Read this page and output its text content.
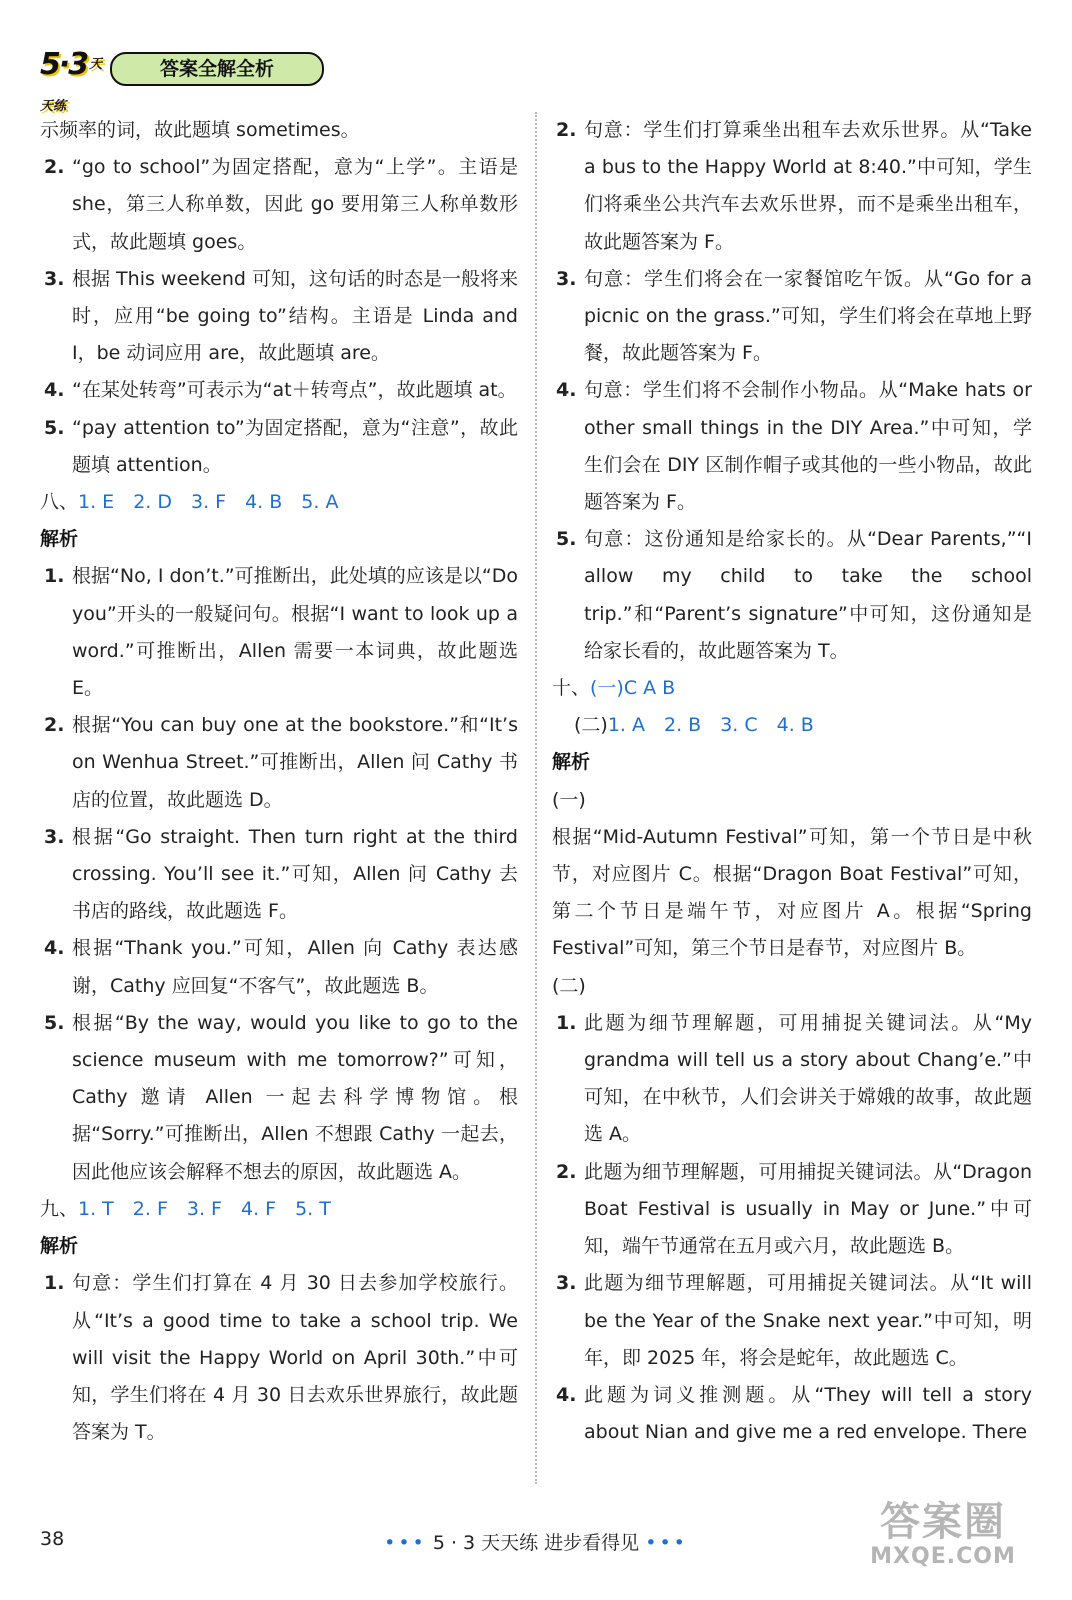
5·3 天天练
答案全解全析

示频率的词，故此题填 sometimes。

2. “go to school”为固定搭配，意为“上学”。主语是 she，第三人称单数，因此 go 要用第三人称单数形式，故此题填 goes。
3. 根据 This weekend 可知，这句话的时态是一般将来时，应用“be going to”结构。主语是 Linda and I，be 动词应用 are，故此题填 are。
4. “在某处转弯”可表示为“at＋转弯点”，故此题填 at。
5. “pay attention to”为固定搭配，意为“注意”，故此题填 attention。

八、1. E　2. D　3. F　4. B　5. A

解析

1. 根据“No, I don’t.”可推断出，此处填的应该是以“Do you”开头的一般疑问句。根据“I want to look up a word.”可推断出，Allen 需要一本词典，故此题选 E。
2. 根据“You can buy one at the bookstore.”和“It’s on Wenhua Street.”可推断出，Allen 问 Cathy 书店的位置，故此题选 D。
3. 根据“Go straight. Then turn right at the third crossing. You’ll see it.”可知，Allen 问 Cathy 去书店的路线，故此题选 F。
4. 根据“Thank you.”可知，Allen 向 Cathy 表达感谢，Cathy 应回复“不客气”，故此题选 B。
5. 根据“By the way, would you like to go to the science museum with me tomorrow?”可知，Cathy 邀请 Allen 一起去科学博物馆。根据“Sorry.”可推断出，Allen 不想跟 Cathy 一起去，因此他应该会解释不想去的原因，故此题选 A。

九、1. T　2. F　3. F　4. F　5. T

解析

1. 句意：学生们打算在 4 月 30 日去参加学校旅行。从“It’s a good time to take a school trip. We will visit the Happy World on April 30th.”中可知，学生们将在 4 月 30 日去欢乐世界旅行，故此题答案为 T。
2. 句意：学生们打算乘坐出租车去欢乐世界。从“Take a bus to the Happy World at 8:40.”中可知，学生们将乘坐公共汽车去欢乐世界，而不是乘坐出租车，故此题答案为 F。
3. 句意：学生们将会在一家餐馆吃午饭。从“Go for a picnic on the grass.”可知，学生们将会在草地上野餐，故此题答案为 F。
4. 句意：学生们将不会制作小物品。从“Make hats or other small things in the DIY Area.”中可知，学生们会在 DIY 区制作帽子或其他的一些小物品，故此题答案为 F。
5. 句意：这份通知是给家长的。从“Dear Parents,”“I allow my child to take the school trip.”和“Parent’s signature”中可知，这份通知是给家长看的，故此题答案为 T。

十、(一)C A B

(二)1. A　2. B　3. C　4. B

解析

(一)

根据“Mid-Autumn Festival”可知，第一个节日是中秋节，对应图片 C。根据“Dragon Boat Festival”可知，第二个节日是端午节，对应图片 A。根据“Spring Festival”可知，第三个节日是春节，对应图片 B。

(二)

1. 此题为细节理解题，可用捕捉关键词法。从“My grandma will tell us a story about Chang’e.”中可知，在中秋节，人们会讲关于嫦娥的故事，故此题选 A。
2. 此题为细节理解题，可用捕捉关键词法。从“Dragon Boat Festival is usually in May or June.”中可知，端午节通常在五月或六月，故此题选 B。
3. 此题为细节理解题，可用捕捉关键词法。从“It will be the Year of the Snake next year.”中可知，明年，即 2025 年，将会是蛇年，故此题选 C。
4. 此题为词义推测题。从“They will tell a story about Nian and give me a red envelope. There
38	••• 5 · 3 天天练 进步看得见 •••	答案圈
MXQE.COM
